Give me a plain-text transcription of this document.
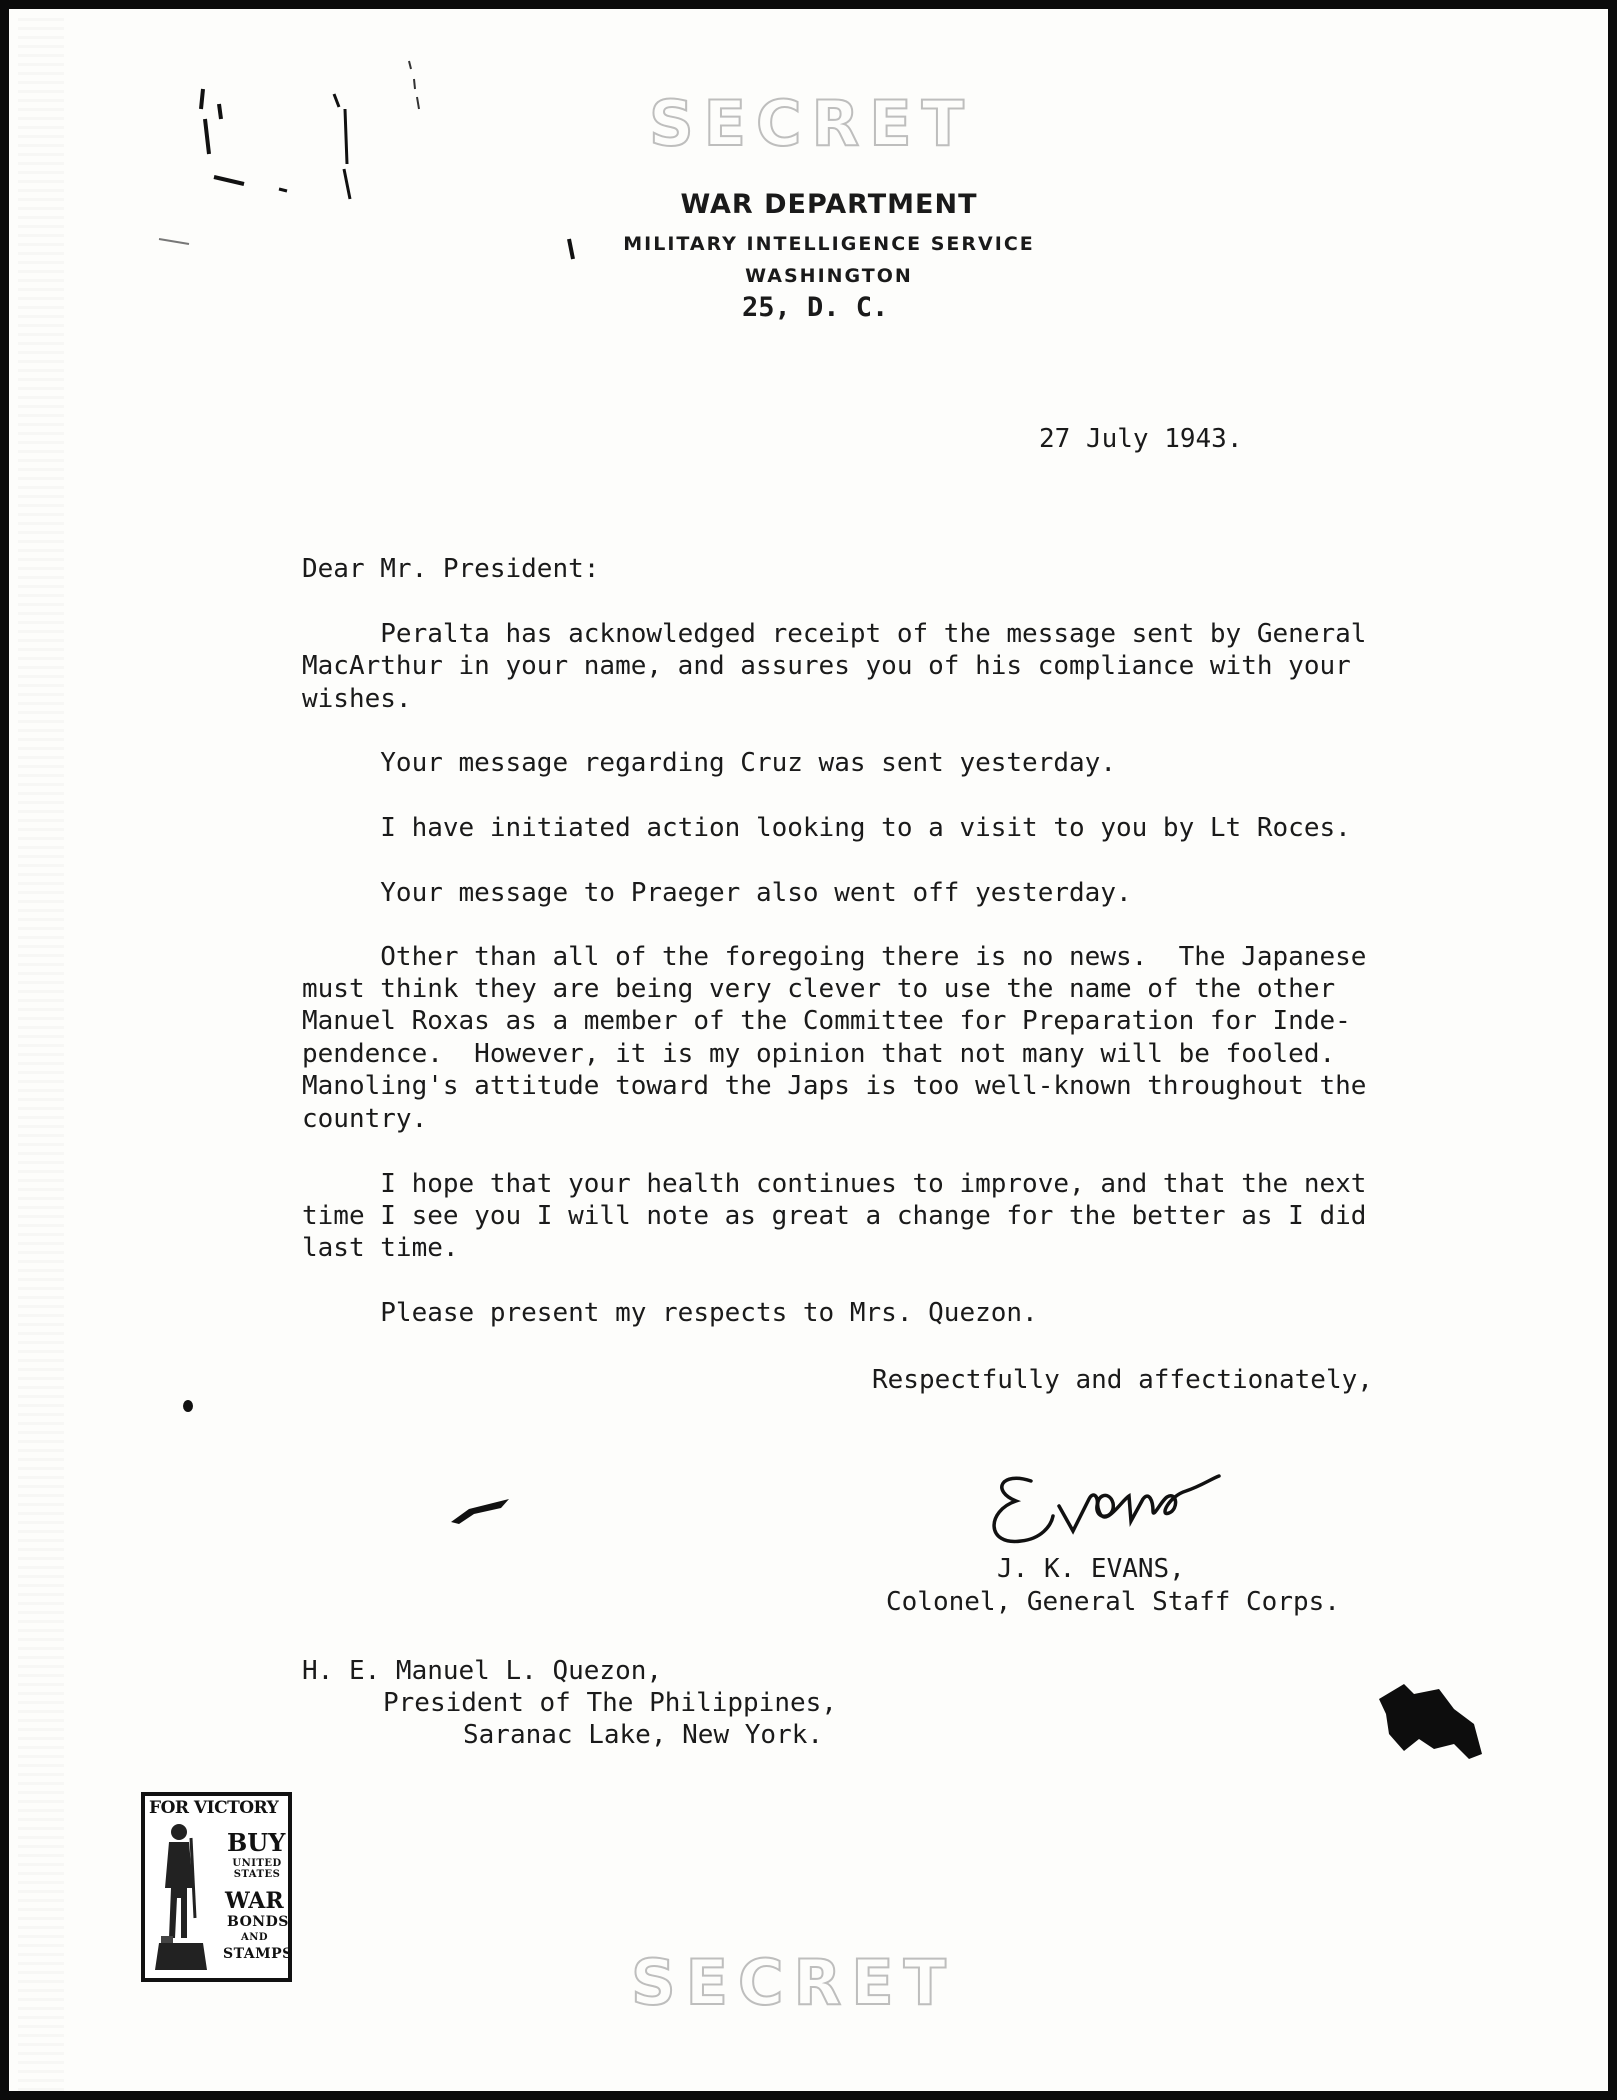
SECRET
WAR DEPARTMENT
MILITARY INTELLIGENCE SERVICE
WASHINGTON
25, D. C.
27 July 1943.
Dear Mr. President:
Peralta has acknowledged receipt of the message sent by General
MacArthur in your name, and assures you of his compliance with your
wishes.
Your message regarding Cruz was sent yesterday.
I have initiated action looking to a visit to you by Lt Roces.
Your message to Praeger also went off yesterday.
Other than all of the foregoing there is no news.  The Japanese
must think they are being very clever to use the name of the other
Manuel Roxas as a member of the Committee for Preparation for Inde-
pendence.  However, it is my opinion that not many will be fooled.
Manoling's attitude toward the Japs is too well-known throughout the
country.
I hope that your health continues to improve, and that the next
time I see you I will note as great a change for the better as I did
last time.
Please present my respects to Mrs. Quezon.
Respectfully and affectionately,
J. K. EVANS,
Colonel, General Staff Corps.
H. E. Manuel L. Quezon,
President of The Philippines,
Saranac Lake, New York.
FOR VICTORY
BUY
UNITED STATES
WAR
BONDS
AND
STAMPS	SECRET
